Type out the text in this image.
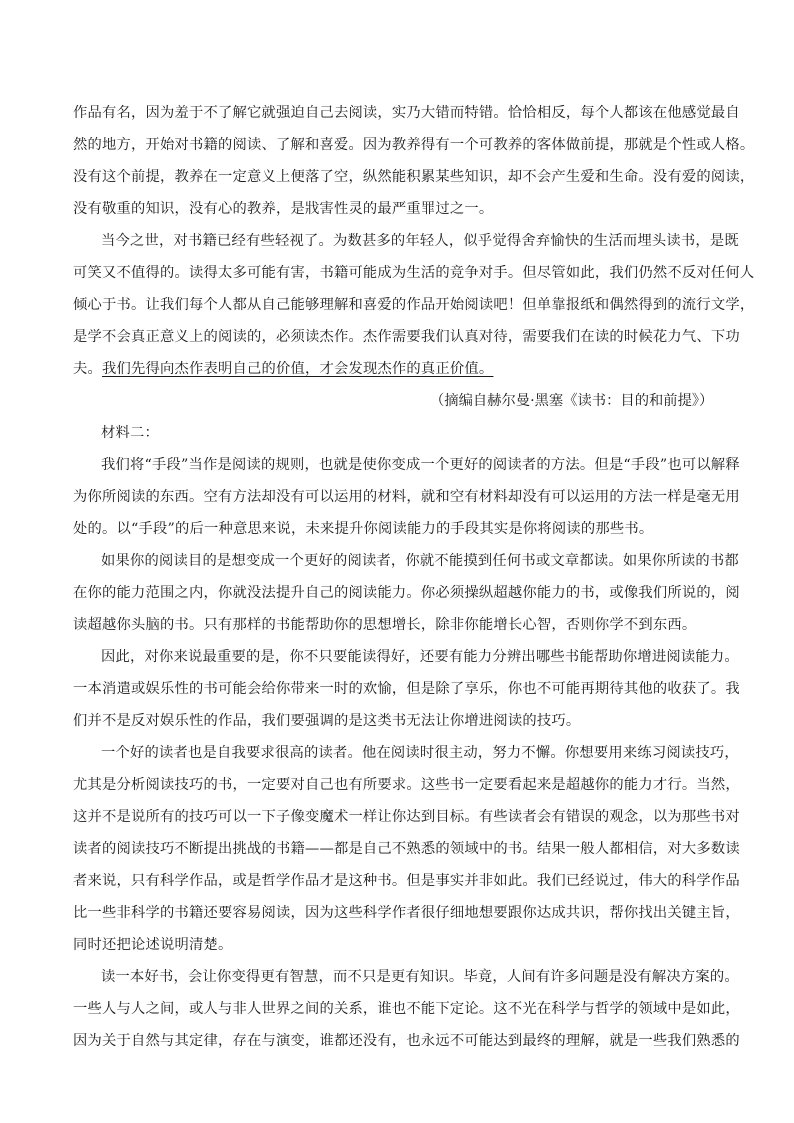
作品有名，因为羞于不了解它就强迫自己去阅读，实乃大错而特错。恰恰相反，每个人都该在他感觉最自
然的地方，开始对书籍的阅读、了解和喜爱。因为教养得有一个可教养的客体做前提，那就是个性或人格。
没有这个前提，教养在一定意义上便落了空，纵然能积累某些知识，却不会产生爱和生命。没有爱的阅读，
没有敬重的知识，没有心的教养，是戕害性灵的最严重罪过之一。
当今之世，对书籍已经有些轻视了。为数甚多的年轻人，似乎觉得舍弃愉快的生活而埋头读书，是既
可笑又不值得的。读得太多可能有害，书籍可能成为生活的竞争对手。但尽管如此，我们仍然不反对任何人
倾心于书。让我们每个人都从自己能够理解和喜爱的作品开始阅读吧！但单靠报纸和偶然得到的流行文学，
是学不会真正意义上的阅读的，必须读杰作。杰作需要我们认真对待，需要我们在读的时候花力气、下功
夫。我们先得向杰作表明自己的价值，才会发现杰作的真正价值。
（摘编自赫尔曼·黑塞《读书：目的和前提》）
材料二：
我们将“手段”当作是阅读的规则，也就是使你变成一个更好的阅读者的方法。但是“手段”也可以解释
为你所阅读的东西。空有方法却没有可以运用的材料，就和空有材料却没有可以运用的方法一样是毫无用
处的。以“手段”的后一种意思来说，未来提升你阅读能力的手段其实是你将阅读的那些书。
如果你的阅读目的是想变成一个更好的阅读者，你就不能摸到任何书或文章都读。如果你所读的书都
在你的能力范围之内，你就没法提升自己的阅读能力。你必须操纵超越你能力的书，或像我们所说的，阅
读超越你头脑的书。只有那样的书能帮助你的思想增长，除非你能增长心智，否则你学不到东西。
因此，对你来说最重要的是，你不只要能读得好，还要有能力分辨出哪些书能帮助你增进阅读能力。
一本消遣或娱乐性的书可能会给你带来一时的欢愉，但是除了享乐，你也不可能再期待其他的收获了。我
们并不是反对娱乐性的作品，我们要强调的是这类书无法让你增进阅读的技巧。
一个好的读者也是自我要求很高的读者。他在阅读时很主动，努力不懈。你想要用来练习阅读技巧，
尤其是分析阅读技巧的书，一定要对自己也有所要求。这些书一定要看起来是超越你的能力才行。当然，
这并不是说所有的技巧可以一下子像变魔术一样让你达到目标。有些读者会有错误的观念，以为那些书对
读者的阅读技巧不断提出挑战的书籍——都是自己不熟悉的领域中的书。结果一般人都相信，对大多数读
者来说，只有科学作品，或是哲学作品才是这种书。但是事实并非如此。我们已经说过，伟大的科学作品
比一些非科学的书籍还要容易阅读，因为这些科学作者很仔细地想要跟你达成共识，帮你找出关键主旨，
同时还把论述说明清楚。
读一本好书，会让你变得更有智慧，而不只是更有知识。毕竟，人间有许多问题是没有解决方案的。
一些人与人之间，或人与非人世界之间的关系，谁也不能下定论。这不光在科学与哲学的领域中是如此，
因为关于自然与其定律，存在与演变，谁都还没有，也永远不可能达到最终的理解，就是一些我们熟悉的
